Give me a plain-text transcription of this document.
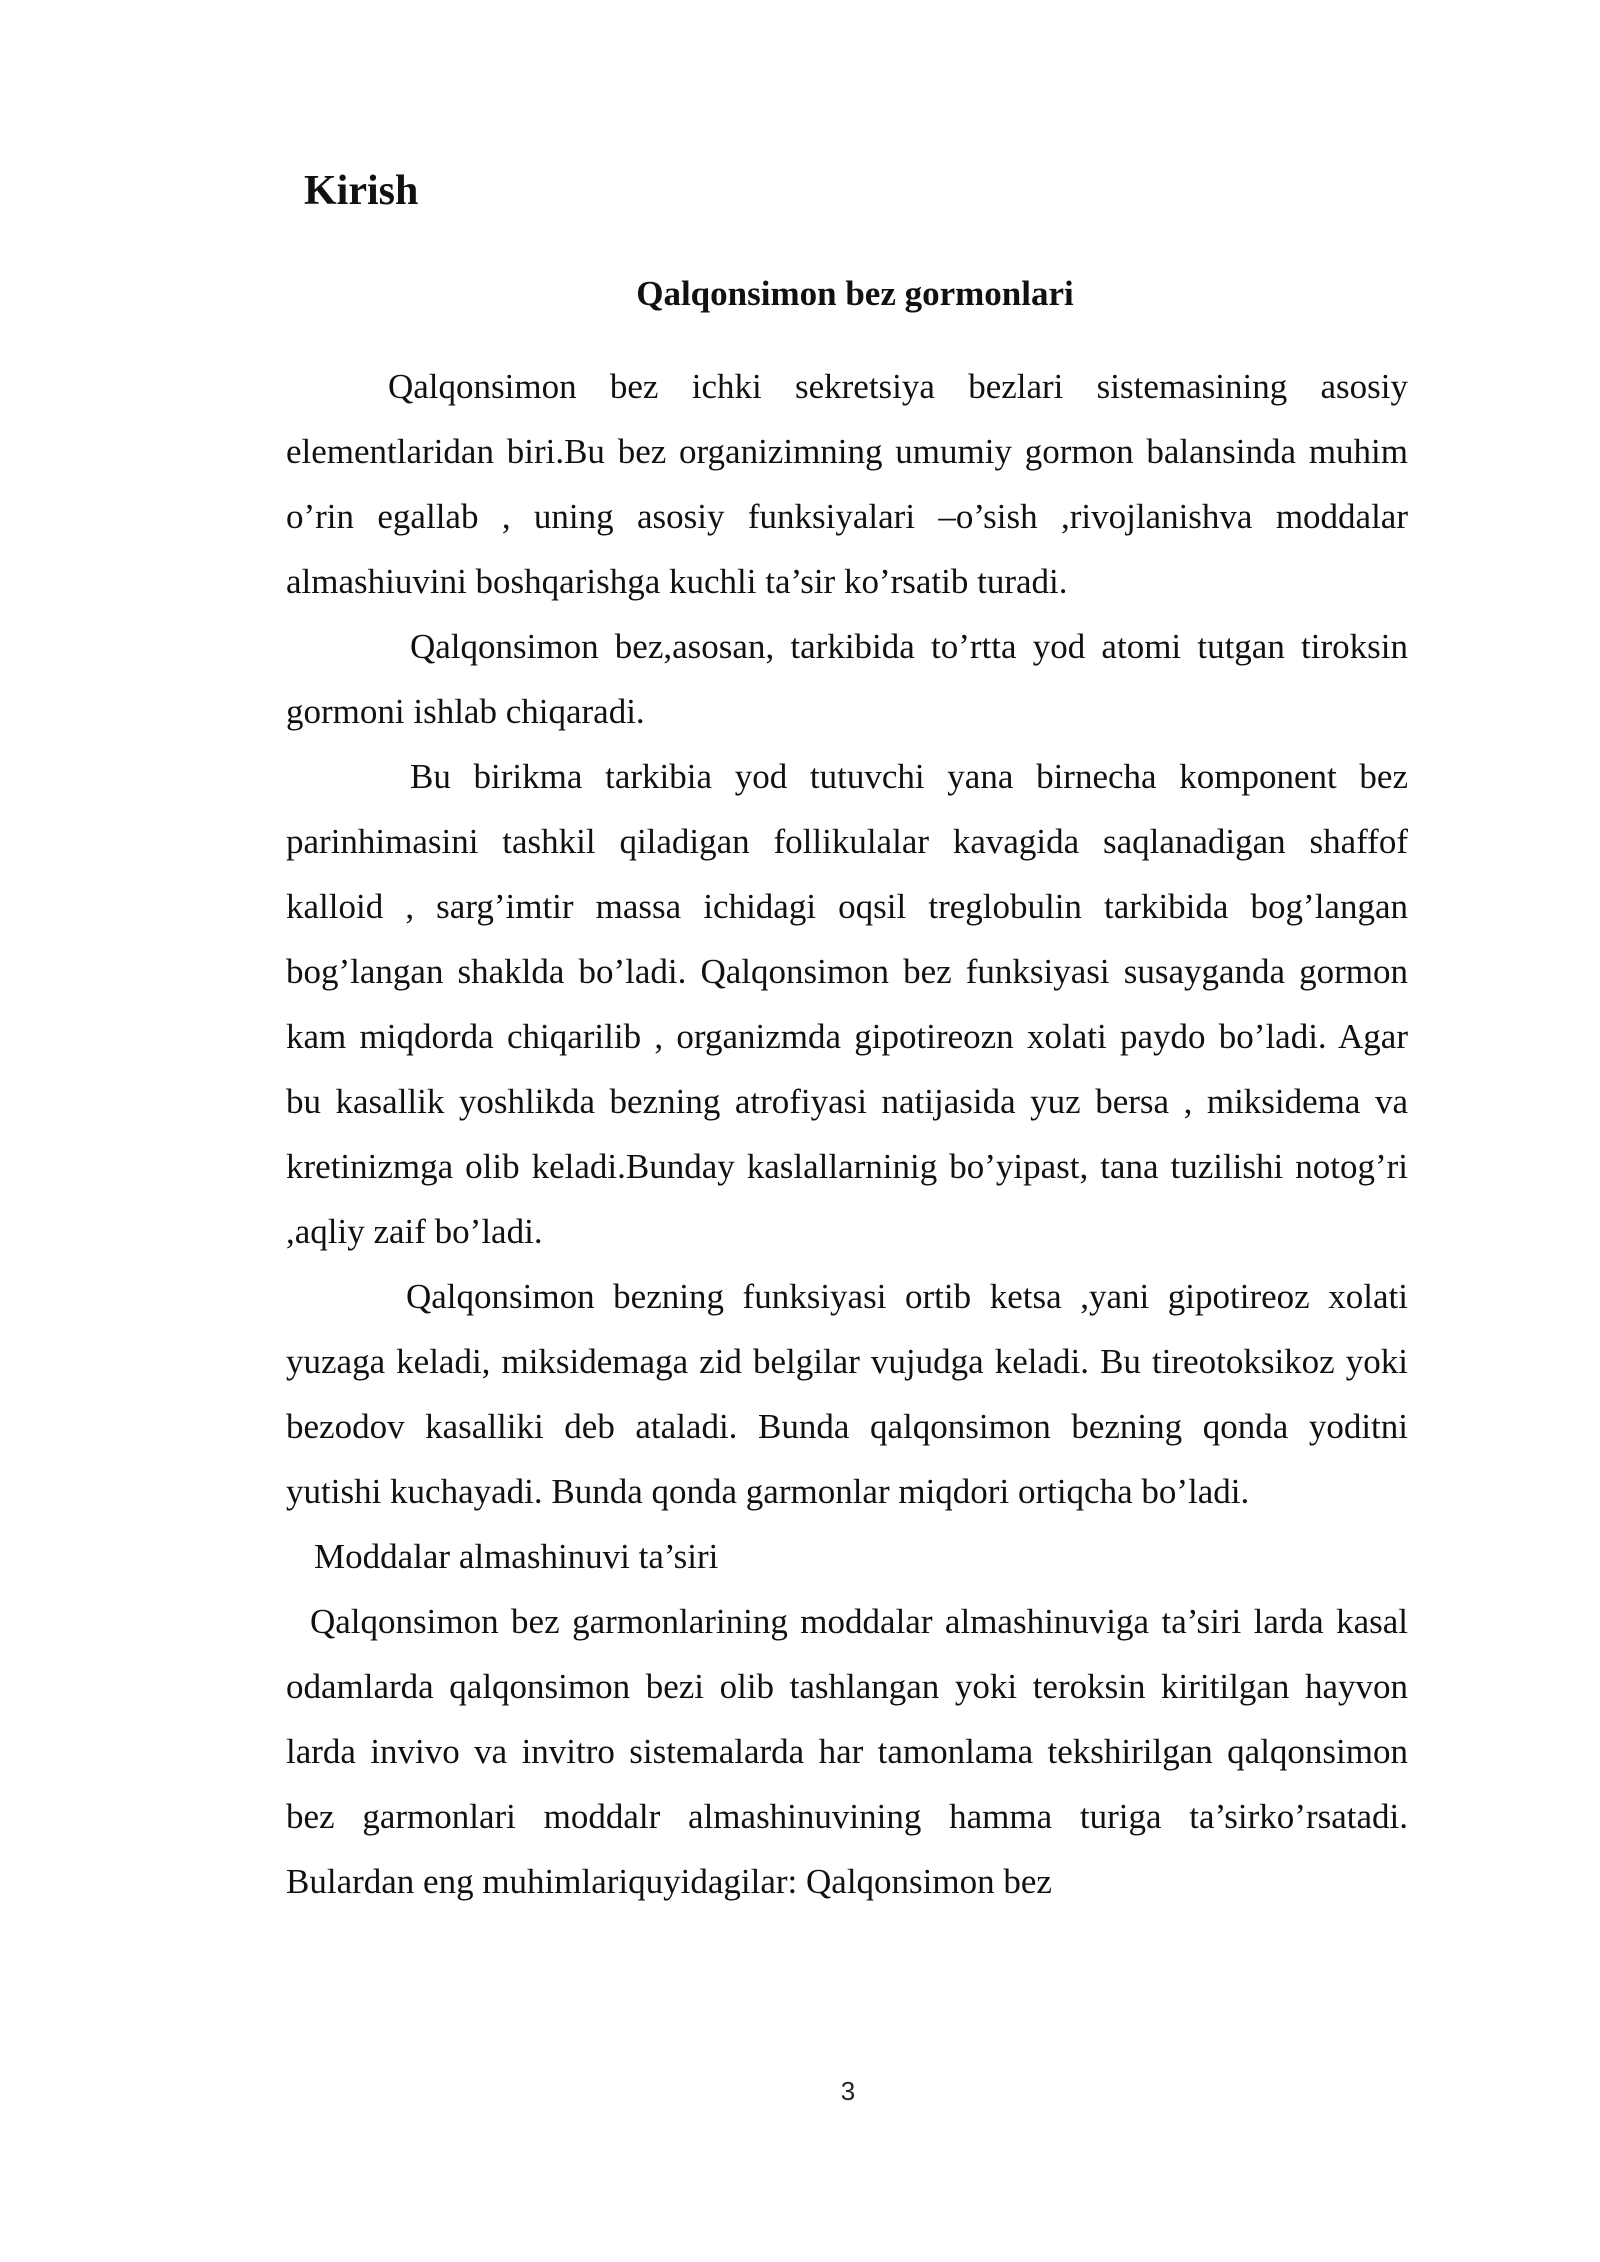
Kirish
Qalqonsimon bez gormonlari

Qalqonsimon bez ichki sekretsiya bezlari sistemasining asosiy elementlaridan biri.Bu bez organizimning umumiy gormon balansinda muhim o’rin egallab , uning asosiy funksiyalari –o’sish ,rivojlanishva moddalar almashiuvini boshqarishga kuchli ta’sir ko’rsatib turadi.

Qalqonsimon bez,asosan, tarkibida to’rtta yod atomi tutgan tiroksin gormoni ishlab chiqaradi.

Bu birikma tarkibia yod tutuvchi yana birnecha komponent bez parinhimasini tashkil qiladigan follikulalar kavagida saqlanadigan shaffof kalloid , sarg’imtir massa ichidagi oqsil treglobulin tarkibida bog’langan bog’langan shaklda bo’ladi. Qalqonsimon bez funksiyasi susayganda gormon kam miqdorda chiqarilib , organizmda gipotireozn xolati paydo bo’ladi. Agar bu kasallik yoshlikda bezning atrofiyasi natijasida yuz bersa , miksidema va kretinizmga olib keladi.Bunday kaslallarninig bo’yipast, tana tuzilishi notog’ri ,aqliy zaif bo’ladi.

Qalqonsimon bezning funksiyasi ortib ketsa ,yani gipotireoz xolati yuzaga keladi, miksidemaga zid belgilar vujudga keladi. Bu tireotoksikoz yoki bezodov kasalliki deb ataladi. Bunda qalqonsimon bezning qonda yoditni yutishi kuchayadi. Bunda qonda garmonlar miqdori ortiqcha bo’ladi.

Moddalar almashinuvi ta’siri

Qalqonsimon bez garmonlarining moddalar almashinuviga ta’siri larda kasal odamlarda qalqonsimon bezi olib tashlangan yoki teroksin kiritilgan hayvon larda invivo va invitro sistemalarda har tamonlama tekshirilgan qalqonsimon bez garmonlari moddalr almashinuvining hamma turiga ta’sirko’rsatadi. Bulardan eng muhimlariquyidagilar: Qalqonsimon bez

3
